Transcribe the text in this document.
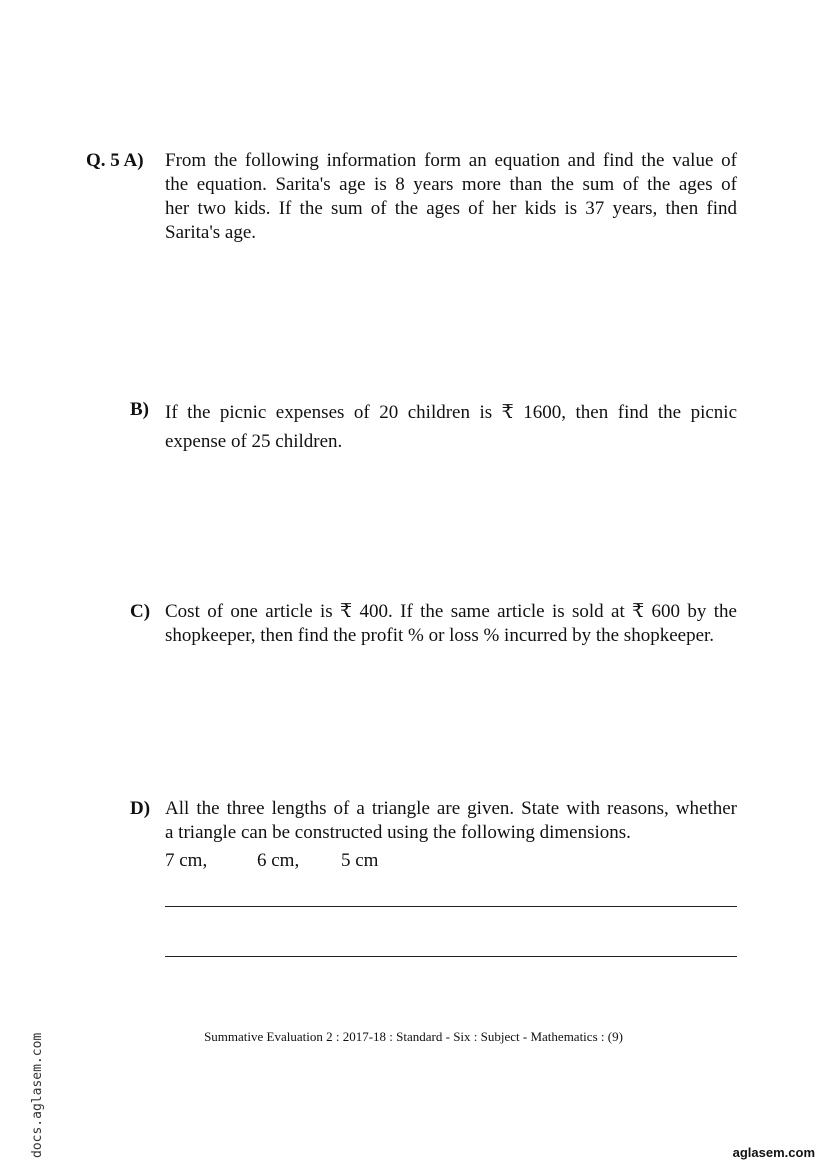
Q. 5 A) From the following information form an equation and find the value of
the equation. Sarita's age is 8 years more than the sum of the ages of
her two kids. If the sum of the ages of her kids is 37 years, then find
Sarita's age.
B) If the picnic expenses of 20 children is ₹ 1600, then find the picnic
expense of 25 children.
C) Cost of one article is ₹ 400. If the same article is sold at ₹ 600 by the
shopkeeper, then find the profit % or loss % incurred by the shopkeeper.
D) All the three lengths of a triangle are given. State with reasons, whether
a triangle can be constructed using the following dimensions.
7 cm,	6 cm, 5 cm
Summative Evaluation 2 : 2017-18 : Standard - Six : Subject - Mathematics : (9)
docs.aglasem.com	aglasem.com
